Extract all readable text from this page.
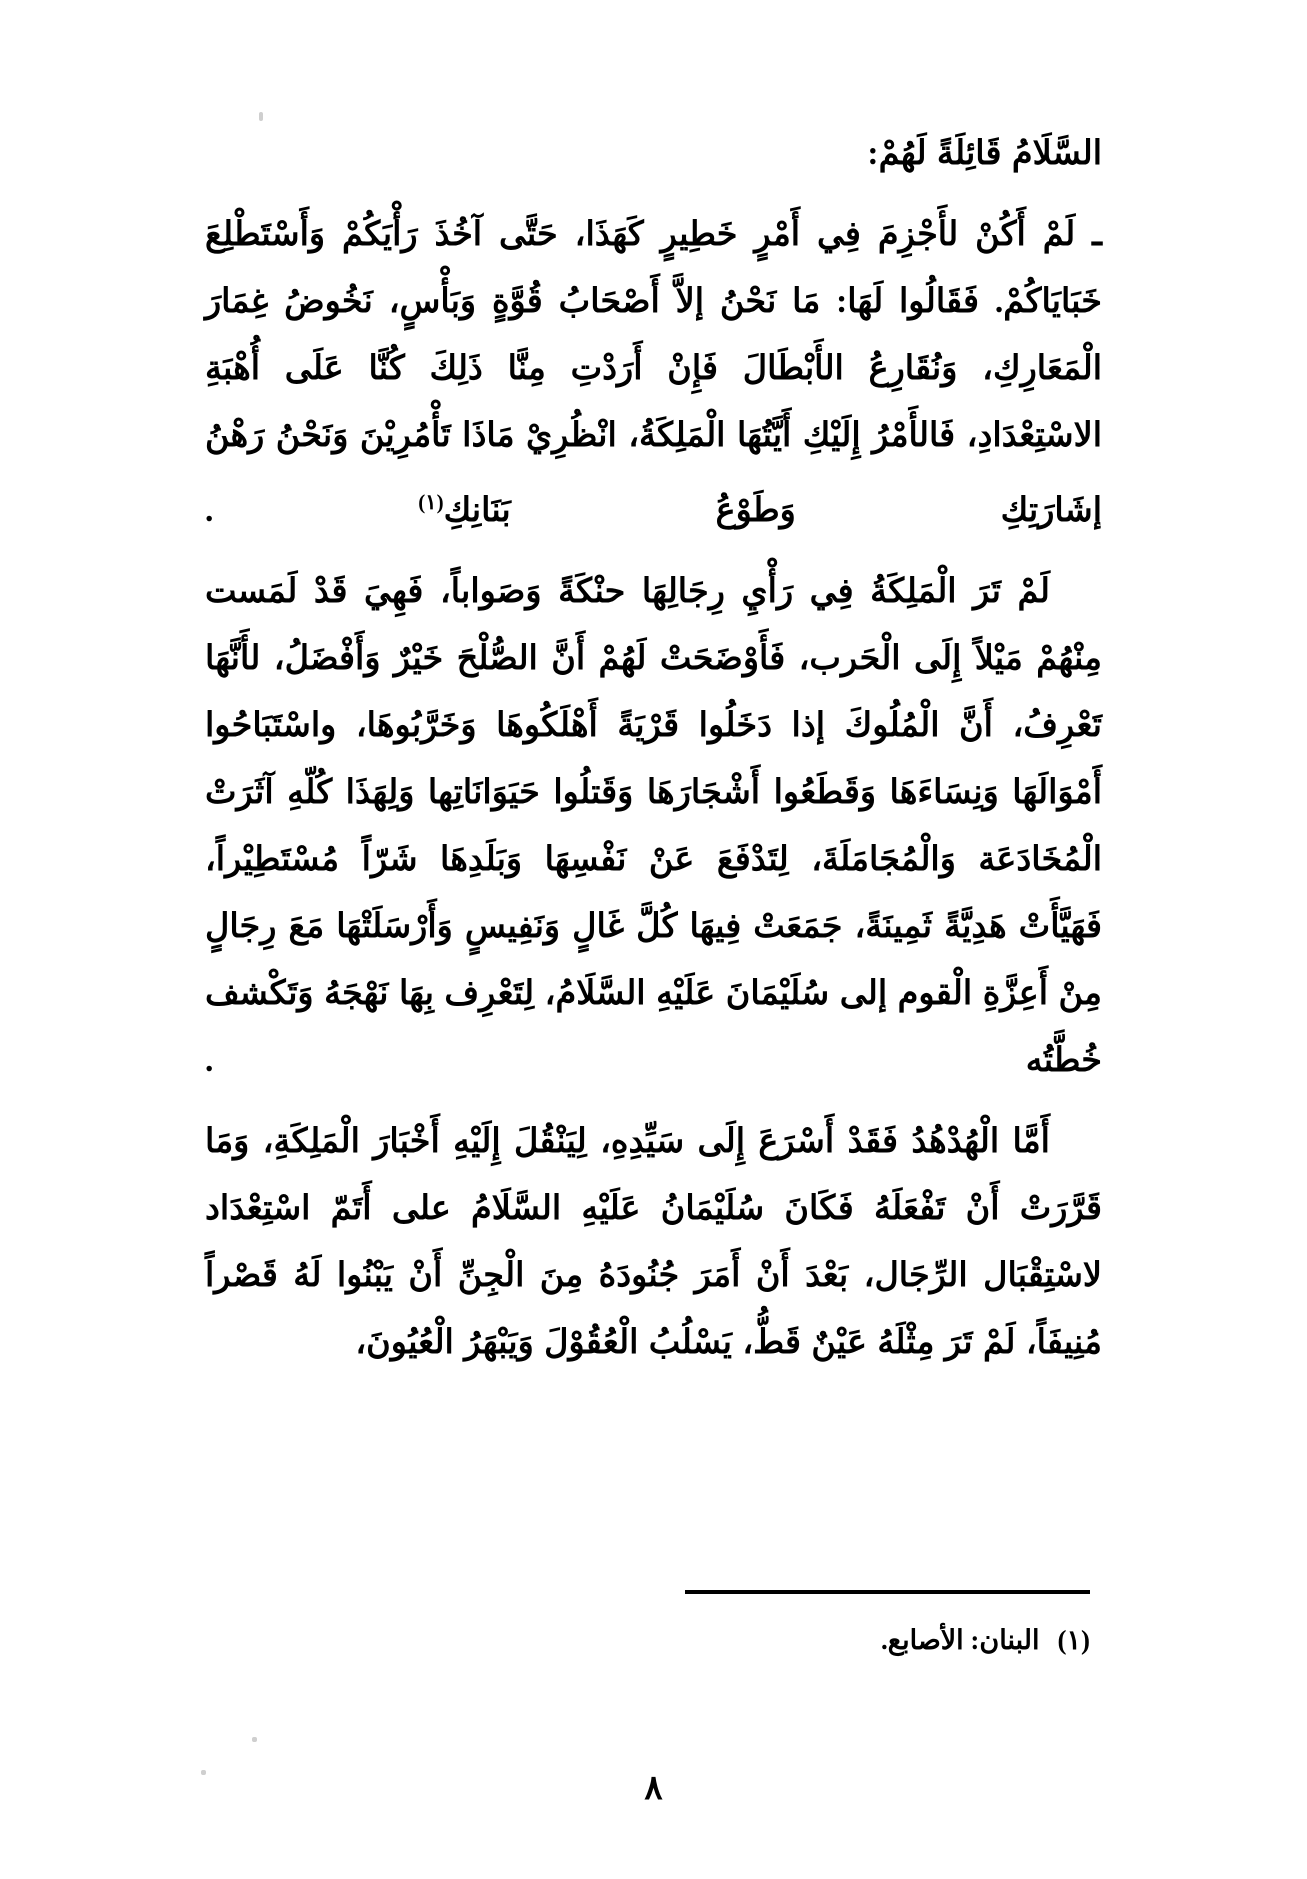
السَّلَامُ قَائِلَةً لَهُمْ:

ـ لَمْ أَكُنْ لأَجْزِمَ فِي أَمْرٍ خَطِيرٍ كَهَذَا، حَتَّى آخُذَ رَأْيَكُمْ وَأَسْتَطْلِعَ خَبَايَاكُمْ. فَقَالُوا لَهَا: مَا نَحْنُ إلاَّ أَصْحَابُ قُوَّةٍ وَبَأْسٍ، نَخُوضُ غِمَارَ الْمَعَارِكِ، وَنُقَارِعُ الأَبْطَالَ فَإِنْ أَرَدْتِ مِنَّا ذَلِكَ كُنَّا عَلَى أُهْبَةِ الاسْتِعْدَادِ، فَالأَمْرُ إِلَيْكِ أَيَّتُهَا الْمَلِكَةُ، انْظُرِيْ مَاذَا تَأْمُرِيْنَ وَنَحْنُ رَهْنُ إشَارَتِكِ وَطَوْعُ بَنَانِكِ$^{(١)}$ .

لَمْ تَرَ الْمَلِكَةُ فِي رَأْيِ رِجَالِهَا حنْكَةً وَصَواباً، فَهِيَ قَدْ لَمَست مِنْهُمْ مَيْلاً إِلَى الْحَرب، فَأَوْضَحَتْ لَهُمْ أَنَّ الصُّلْحَ خَيْرٌ وَأَفْضَلُ، لأَنَّهَا تَعْرِفُ، أَنَّ الْمُلُوكَ إذا دَخَلُوا قَرْيَةً أَهْلَكُوهَا وَخَرَّبُوهَا، واسْتَبَاحُوا أَمْوَالَهَا وَنِسَاءَهَا وَقَطَعُوا أَشْجَارَهَا وَقَتلُوا حَيَوَانَاتِها وَلِهَذَا كُلّهِ آثَرَتْ الْمُخَادَعَة وَالْمُجَامَلَةَ، لِتَدْفَعَ عَنْ نَفْسِهَا وَبَلَدِهَا شَرّاً مُسْتَطِيْراً، فَهَيَّأَتْ هَدِيَّةً ثَمِينَةً، جَمَعَتْ فِيهَا كُلَّ غَالٍ وَنَفِيسٍ وَأَرْسَلَتْهَا مَعَ رِجَالٍ مِنْ أَعِزَّةِ الْقوم إلى سُلَيْمَانَ عَلَيْهِ السَّلَامُ، لِتَعْرِف بِهَا نَهْجَهُ وَتَكْشف خُطَّتُه .

أَمَّا الْهُدْهُدُ فَقَدْ أَسْرَعَ إِلَى سَيِّدِهِ، لِيَنْقُلَ إِلَيْهِ أَخْبَارَ الْمَلِكَةِ، وَمَا قَرَّرَتْ أَنْ تَفْعَلَهُ فَكَانَ سُلَيْمَانُ عَلَيْهِ السَّلَامُ على أَتَمّ اسْتِعْدَاد لاسْتِقْبَال الرِّجَال، بَعْدَ أَنْ أَمَرَ جُنُودَهُ مِنَ الْجِنِّ أَنْ يَبْنُوا لَهُ قَصْراً مُنِيفَاً، لَمْ تَرَ مِثْلَهُ عَيْنٌ قَطُّ، يَسْلُبُ الْعُقُوْلَ وَيَبْهَرُ الْعُيُونَ،

(١)البنان: الأصابع.
٨
